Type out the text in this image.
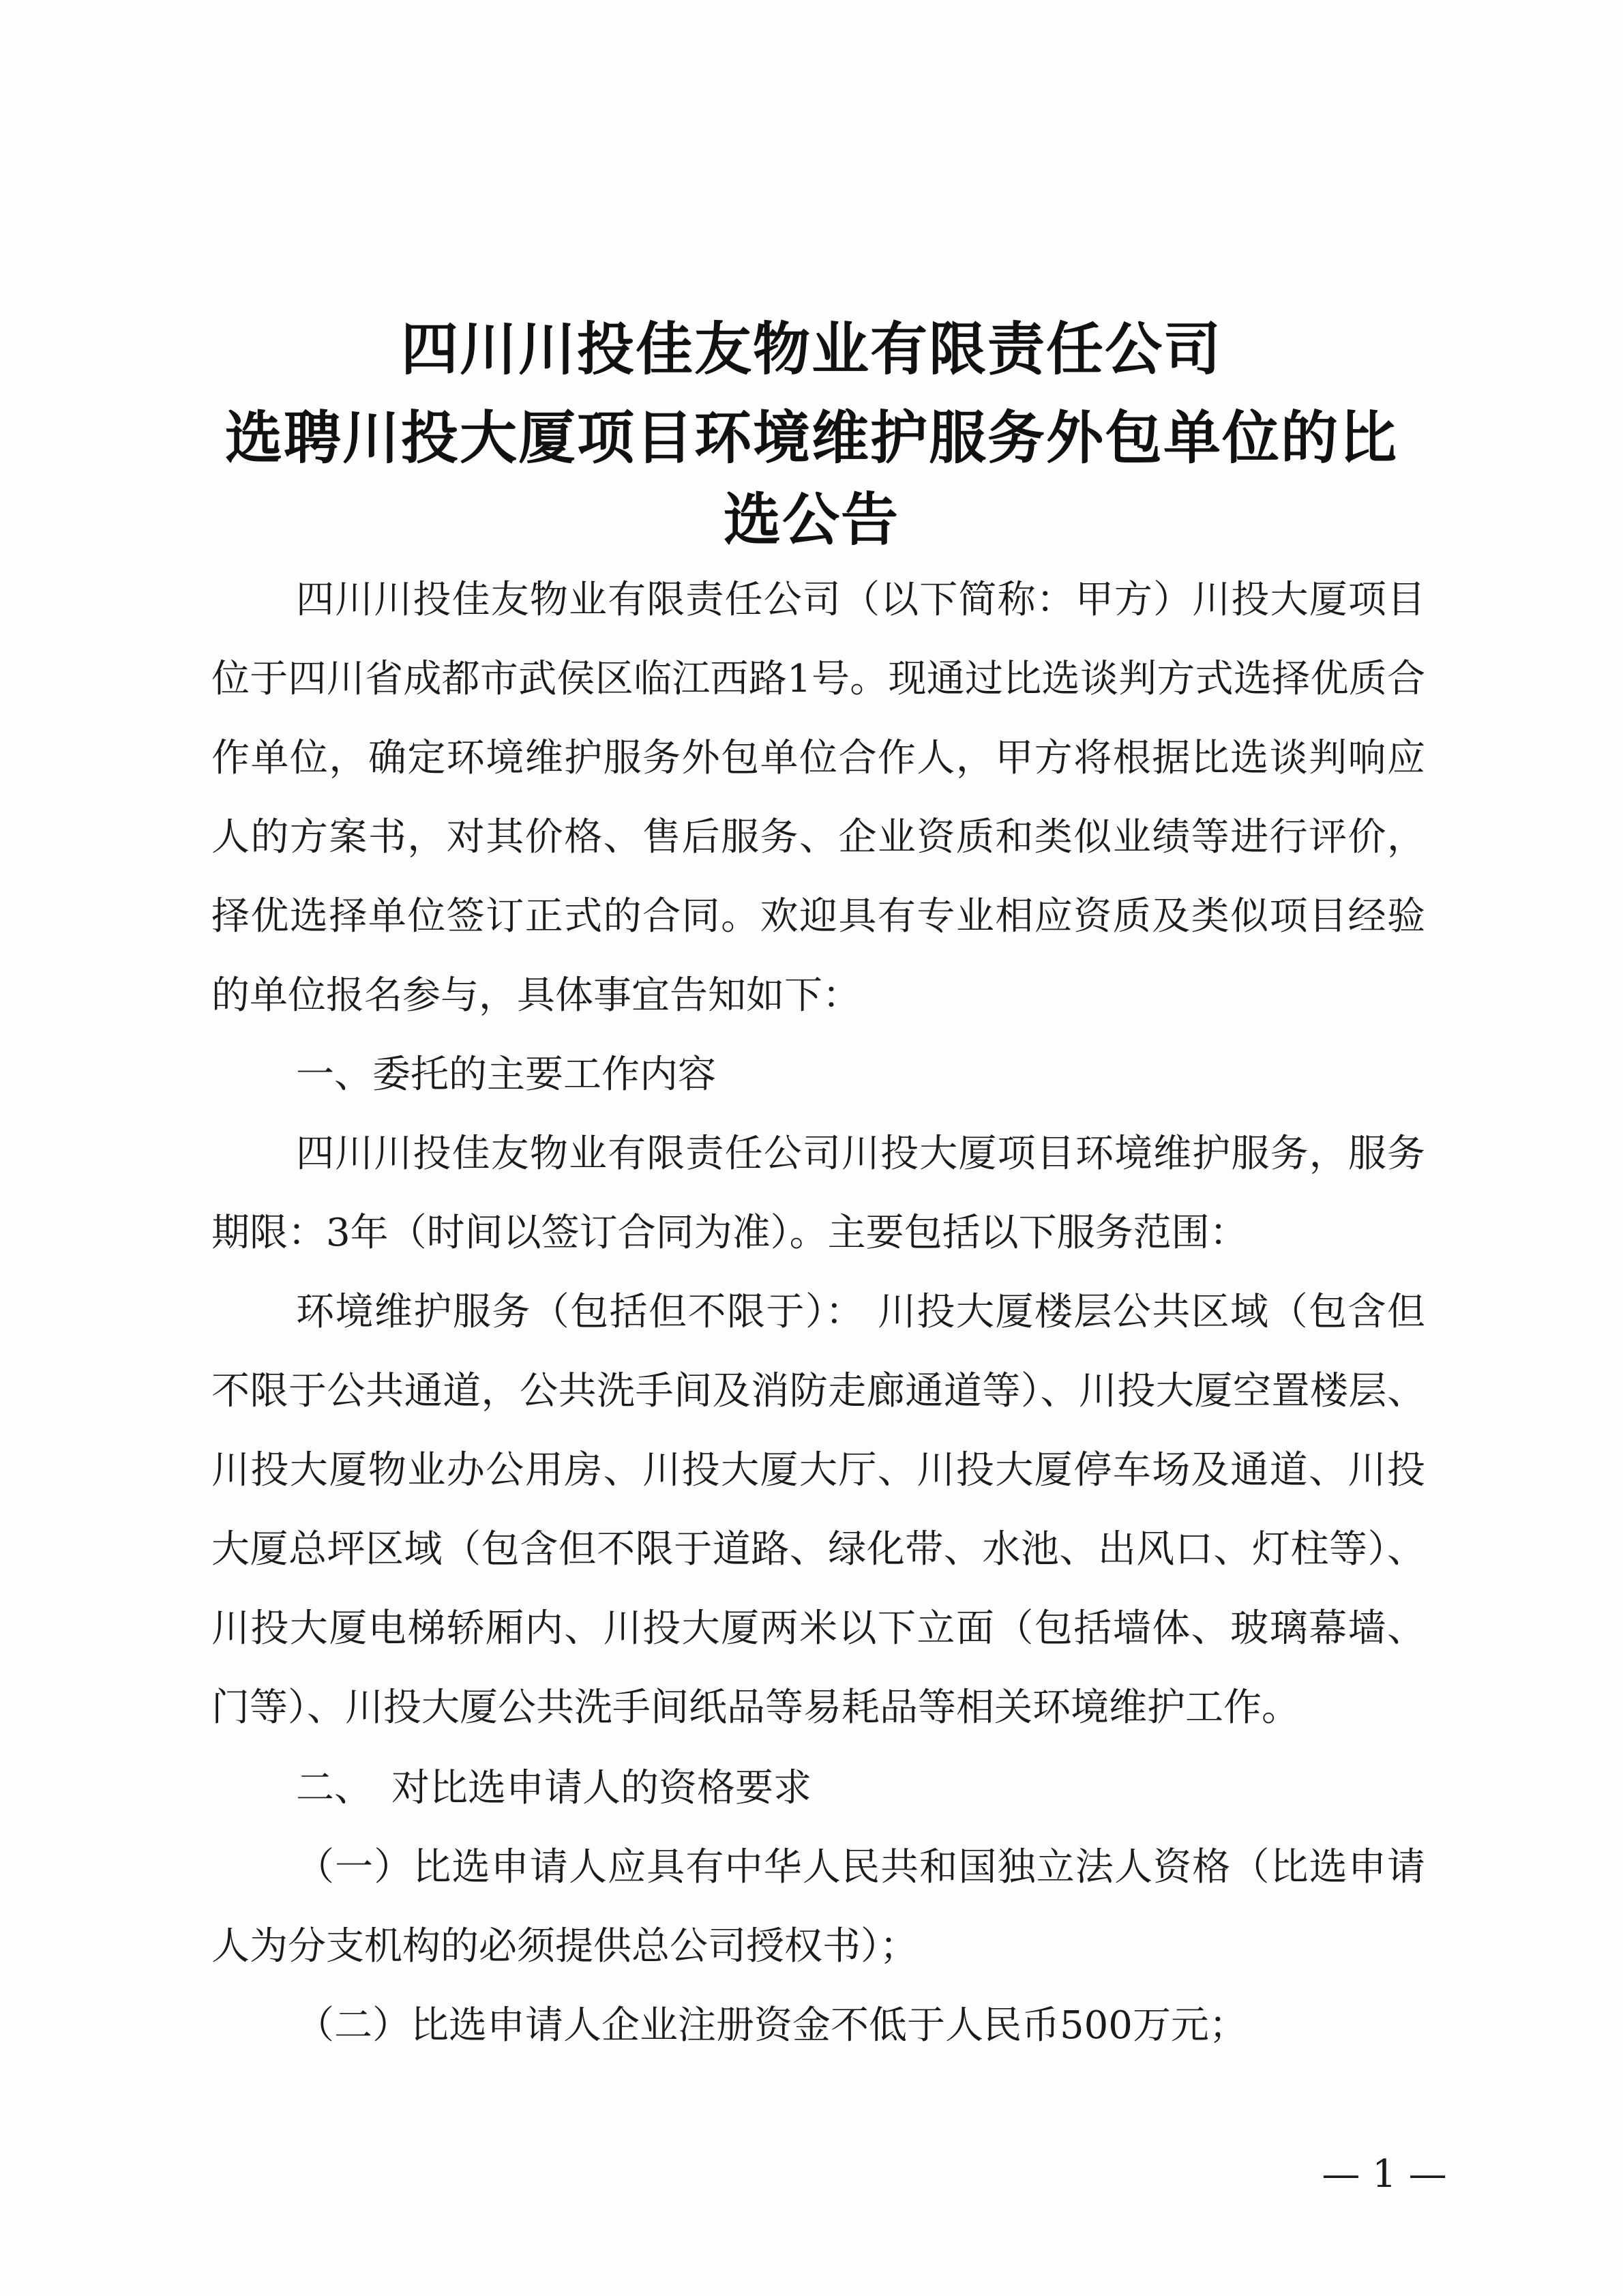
四川川投佳友物业有限责任公司
选聘川投大厦项目环境维护服务外包单位的比
选公告

四川川投佳友物业有限责任公司（以下简称：甲方）川投大厦项目位于四川省成都市武侯区临江西路1号。现通过比选谈判方式选择优质合作单位，确定环境维护服务外包单位合作人，甲方将根据比选谈判响应人的方案书，对其价格、售后服务、企业资质和类似业绩等进行评价，择优选择单位签订正式的合同。欢迎具有专业相应资质及类似项目经验的单位报名参与，具体事宜告知如下：

一、委托的主要工作内容

四川川投佳友物业有限责任公司川投大厦项目环境维护服务，服务期限：3年（时间以签订合同为准）。主要包括以下服务范围：

环境维护服务（包括但不限于）： 川投大厦楼层公共区域（包含但不限于公共通道，公共洗手间及消防走廊通道等）、川投大厦空置楼层、川投大厦物业办公用房、川投大厦大厅、川投大厦停车场及通道、川投大厦总坪区域（包含但不限于道路、绿化带、水池、出风口、灯柱等）、川投大厦电梯轿厢内、川投大厦两米以下立面（包括墙体、玻璃幕墙、门等）、川投大厦公共洗手间纸品等易耗品等相关环境维护工作。

二、　对比选申请人的资格要求

（一）比选申请人应具有中华人民共和国独立法人资格（比选申请人为分支机构的必须提供总公司授权书）；

（二）比选申请人企业注册资金不低于人民币500万元；

— 1 —
